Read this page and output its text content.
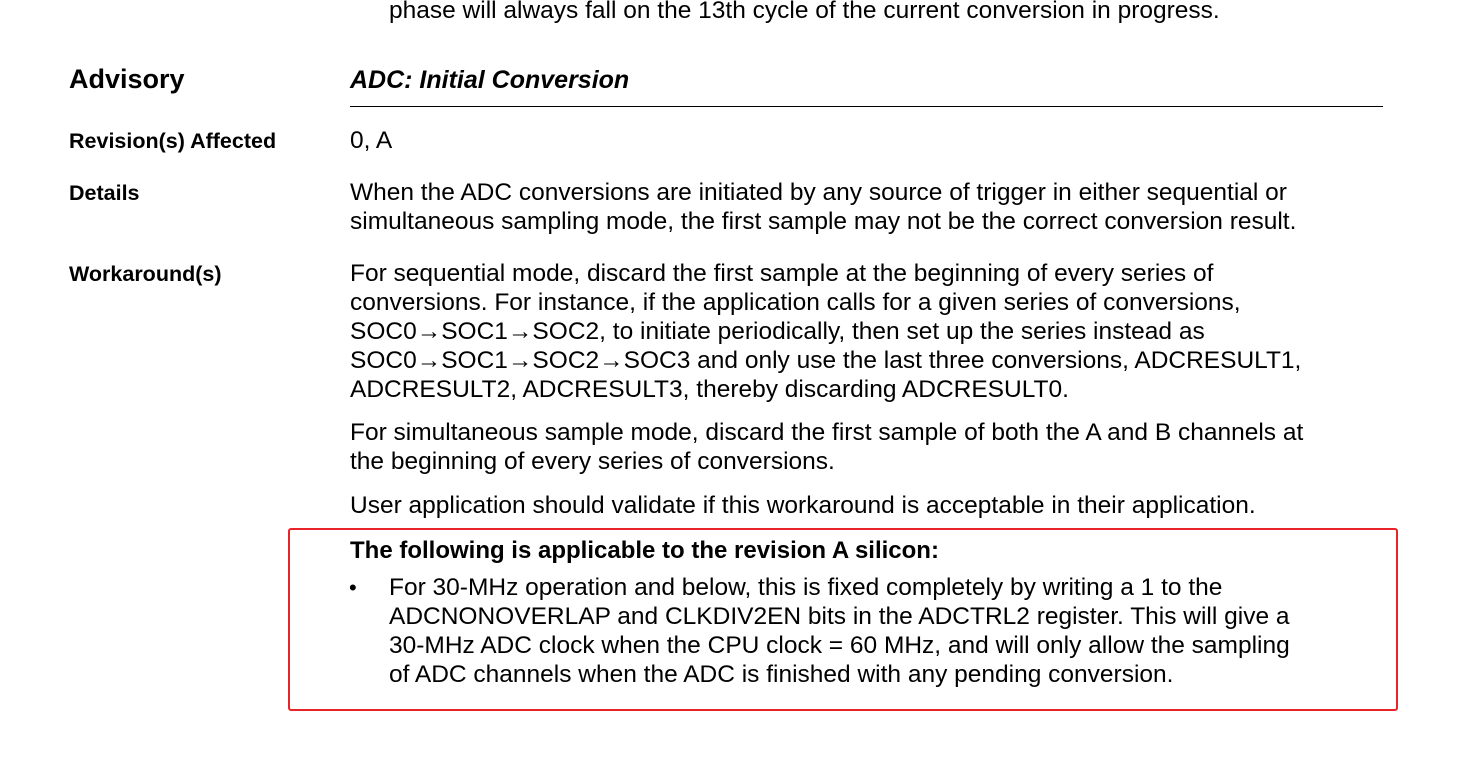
phase will always fall on the 13th cycle of the current conversion in progress.
Advisory	ADC: Initial Conversion
Revision(s) Affected	0, A
Details	When the ADC conversions are initiated by any source of trigger in either sequential or
simultaneous sampling mode, the first sample may not be the correct conversion result.
Workaround(s)	For sequential mode, discard the first sample at the beginning of every series of
conversions. For instance, if the application calls for a given series of conversions,
SOC0→SOC1→SOC2, to initiate periodically, then set up the series instead as
SOC0→SOC1→SOC2→SOC3 and only use the last three conversions, ADCRESULT1,
ADCRESULT2, ADCRESULT3, thereby discarding ADCRESULT0.
For simultaneous sample mode, discard the first sample of both the A and B channels at
the beginning of every series of conversions.
User application should validate if this workaround is acceptable in their application.
The following is applicable to the revision A silicon:
• For 30-MHz operation and below, this is fixed completely by writing a 1 to the
ADCNONOVERLAP and CLKDIV2EN bits in the ADCTRL2 register. This will give a
30-MHz ADC clock when the CPU clock = 60 MHz, and will only allow the sampling
of ADC channels when the ADC is finished with any pending conversion.
